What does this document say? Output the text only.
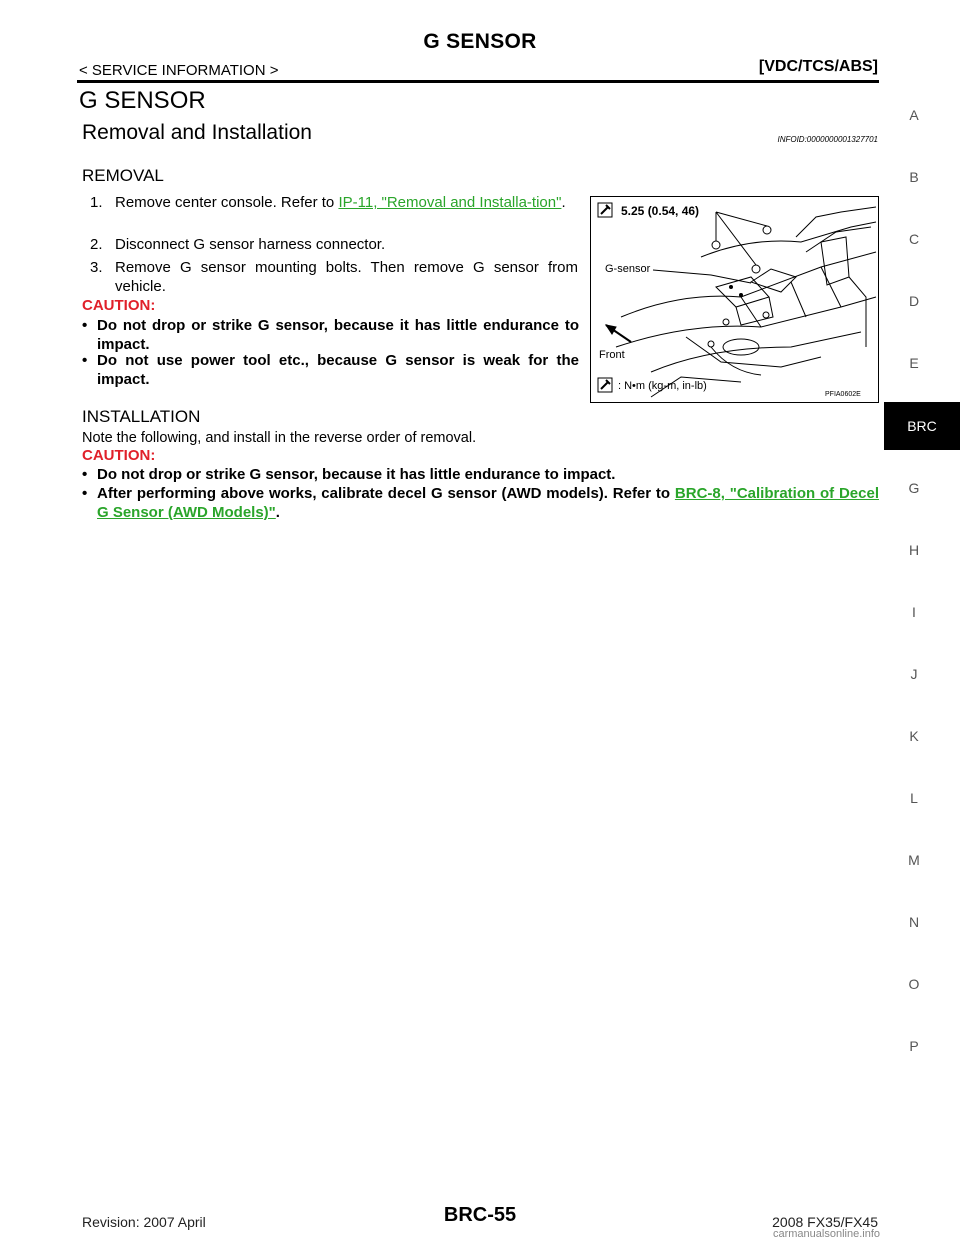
G SENSOR
< SERVICE INFORMATION >	[VDC/TCS/ABS]
G SENSOR
Removal and Installation	INFOID:0000000001327701
REMOVAL
1. Remove center console. Refer to IP-11, "Removal and Installa-tion".
2. Disconnect G sensor harness connector.
3. Remove G sensor mounting bolts. Then remove G sensor from vehicle.
CAUTION:
• Do not drop or strike G sensor, because it has little endurance to impact.
• Do not use power tool etc., because G sensor is weak for the impact.
5.25 (0.54, 46)
G-sensor
Front
: N•m (kg-m, in-lb)
PFIA0602E
INSTALLATION
Note the following, and install in the reverse order of removal.
CAUTION:
• Do not drop or strike G sensor, because it has little endurance to impact.
• After performing above works, calibrate decel G sensor (AWD models). Refer to BRC-8, "Calibration of Decel G Sensor (AWD Models)".
A
B
C
D
E
BRC
G
H
I
J
K
L
M
N
O
P
BRC-55
Revision: 2007 April	2008 FX35/FX45
carmanualsonline.info
